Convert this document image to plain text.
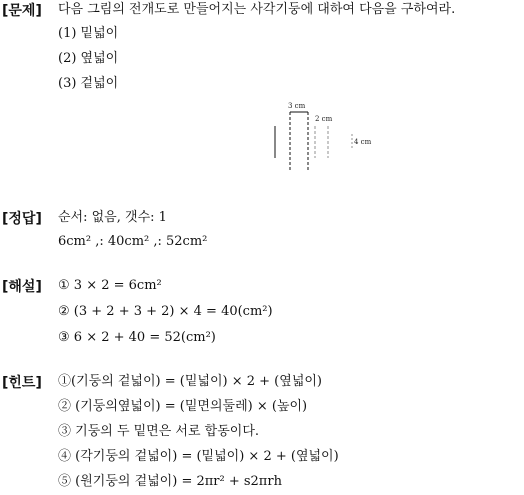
[문제] 다음 그림의 전개도로 만들어지는 사각기둥에 대하여 다음을 구하여라.
(1) 밑넓이
(2) 옆넓이
(3) 겉넓이
3 cm
2 cm
4 cm
[정답] 순서: 없음, 갯수: 1
6cm² ,: 40cm² ,: 52cm²
[해설] ① 3 × 2 = 6cm²
② (3 + 2 + 3 + 2) × 4 = 40(cm²)
③ 6 × 2 + 40 = 52(cm²)
[힌트] ①(기둥의 겉넓이) = (밑넓이) × 2 + (옆넓이)
② (기둥의옆넓이) = (밑면의둘레) × (높이)
③ 기둥의 두 밑면은 서로 합동이다.
④ (각기둥의 겉넓이) = (밑넓이) × 2 + (옆넓이)
⑤ (원기둥의 겉넓이) = 2πr² + s2πrh
